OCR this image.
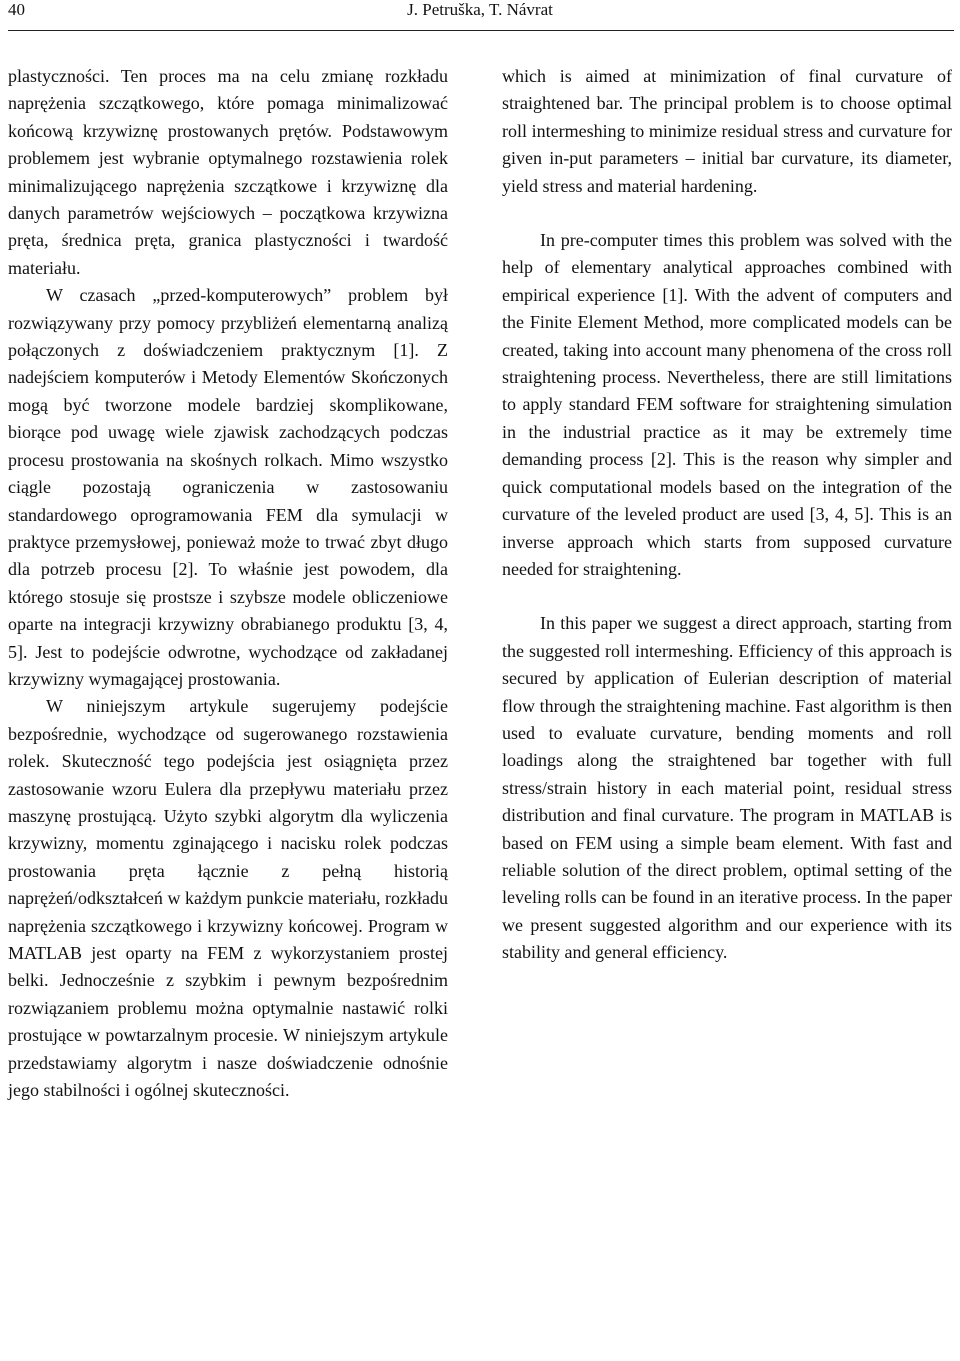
40	J. Petruška, T. Návrat

plastyczności. Ten proces ma na celu zmianę rozkładu naprężenia szczątkowego, które pomaga minimalizować końcową krzywiznę prostowanych prętów. Podstawowym problemem jest wybranie optymalnego rozstawienia rolek minimalizującego naprężenia szczątkowe i krzywiznę dla danych parametrów wejściowych – początkowa krzywizna pręta, średnica pręta, granica plastyczności i twardość materiału.

W czasach „przed-komputerowych” problem był rozwiązywany przy pomocy przybliżeń elementarną analizą połączonych z doświadczeniem praktycznym [1]. Z nadejściem komputerów i Metody Elementów Skończonych mogą być tworzone modele bardziej skomplikowane, biorące pod uwagę wiele zjawisk zachodzących podczas procesu prostowania na skośnych rolkach. Mimo wszystko ciągle pozostają ograniczenia w zastosowaniu standardowego oprogramowania FEM dla symulacji w praktyce przemysłowej, ponieważ może to trwać zbyt długo dla potrzeb procesu [2]. To właśnie jest powodem, dla którego stosuje się prostsze i szybsze modele obliczeniowe oparte na integracji krzywizny obrabianego produktu [3, 4, 5]. Jest to podejście odwrotne, wychodzące od zakładanej krzywizny wymagającej prostowania.

W niniejszym artykule sugerujemy podejście bezpośrednie, wychodzące od sugerowanego rozstawienia rolek. Skuteczność tego podejścia jest osiągnięta przez zastosowanie wzoru Eulera dla przepływu materiału przez maszynę prostującą. Użyto szybki algorytm dla wyliczenia krzywizny, momentu zginającego i nacisku rolek podczas prostowania pręta łącznie z pełną historią naprężeń/odkształceń w każdym punkcie materiału, rozkładu naprężenia szczątkowego i krzywizny końcowej. Program w MATLAB jest oparty na FEM z wykorzystaniem prostej belki. Jednocześnie z szybkim i pewnym bezpośrednim rozwiązaniem problemu można optymalnie nastawić rolki prostujące w powtarzalnym procesie. W niniejszym artykule przedstawiamy algorytm i nasze doświadczenie odnośnie jego stabilności i ogólnej skuteczności.

which is aimed at minimization of final curvature of straightened bar. The principal problem is to choose optimal roll intermeshing to minimize residual stress and curvature for given in-put parameters – initial bar curvature, its diameter, yield stress and material hardening.

In pre-computer times this problem was solved with the help of elementary analytical approaches combined with empirical experience [1]. With the advent of computers and the Finite Element Method, more complicated models can be created, taking into account many phenomena of the cross roll straightening process. Nevertheless, there are still limitations to apply standard FEM software for straightening simulation in the industrial practice as it may be extremely time demanding process [2]. This is the reason why simpler and quick computational models based on the integration of the curvature of the leveled product are used [3, 4, 5]. This is an inverse approach which starts from supposed curvature needed for straightening.

In this paper we suggest a direct approach, starting from the suggested roll intermeshing. Efficiency of this approach is secured by application of Eulerian description of material flow through the straightening machine. Fast algorithm is then used to evaluate curvature, bending moments and roll loadings along the straightened bar together with full stress/strain history in each material point, residual stress distribution and final curvature. The program in MATLAB is based on FEM using a simple beam element. With fast and reliable solution of the direct problem, optimal setting of the leveling rolls can be found in an iterative process. In the paper we present suggested algorithm and our experience with its stability and general efficiency.
